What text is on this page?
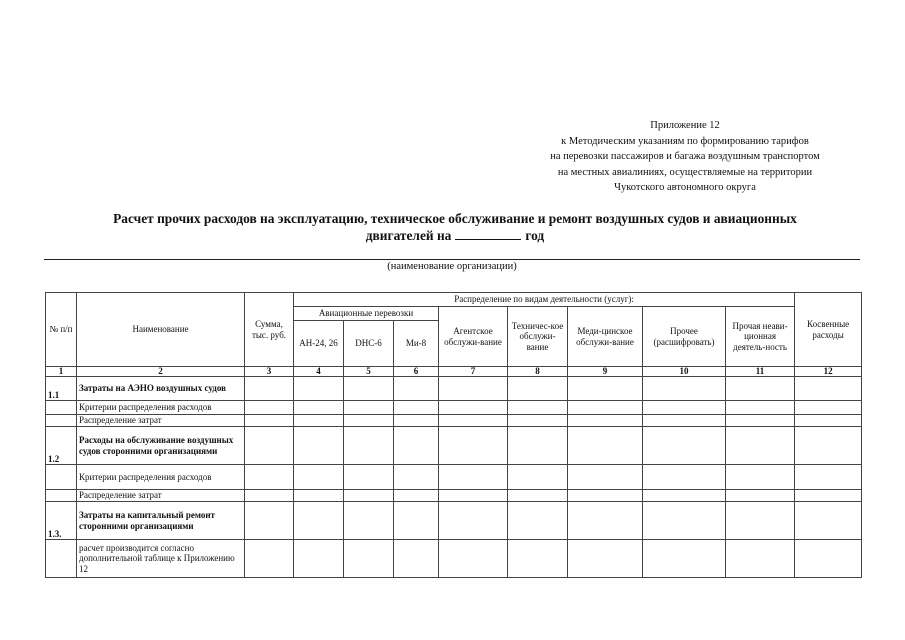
Приложение 12
к Методическим указаниям по формированию тарифов
на перевозки пассажиров и багажа воздушным транспортом
на местных авиалиниях, осуществляемые на территории
Чукотского автономного округа
Расчет прочих расходов на эксплуатацию, техническое обслуживание и ремонт воздушных судов и авиационных
двигателей на	год
(наименование организации)
№ п/п	Наименование	Сумма, тыс. руб.	Распределение по видам деятельности (услуг):								Косвенные расходы
			Авиационные перевозки			Агентское обслужи-вание	Техничес-кое обслужи-вание	Меди-цинское обслужи-вание	Прочее (расшифровать)	Прочая неави-ционная деятель-ность	
			АН-24, 26	DHC-6	Ми-8						
1	2	3	4	5	6	7	8	9	10	11	12
1.1	Затраты на АЭНО воздушных судов										
	Критерии распределения расходов										
	Распределение затрат										
1.2	Расходы на обслуживание воздушных судов сторонними организациями										
	Критерии распределения расходов										
	Распределение затрат										
1.3.	Затраты на капитальный ремонт сторонними организациями										
	расчет производится согласно дополнительной таблице к Приложению 12										
